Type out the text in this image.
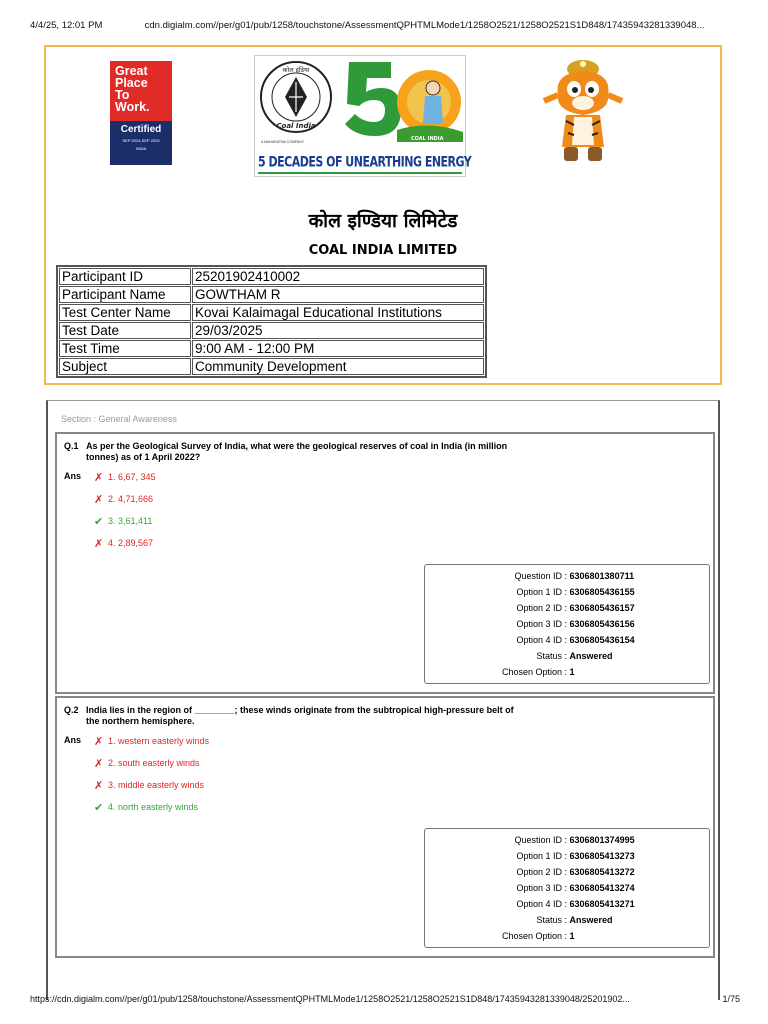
4/4/25, 12:01 PM	cdn.digialm.com//per/g01/pub/1258/touchstone/AssessmentQPHTMLMode1/1258O2521/1258O2521S1D848/17435943281339048...
Great
Place
To
Work.
Certified
SEP 2024-SEP 2025
INDIA
कोल इंडिया
Coal India
A MAHARATNA COMPANY	COAL INDIA
5 DECADES OF UNEARTHING ENERGY
कोल इण्डिया लिमिटेड
COAL INDIA LIMITED
Participant ID	25201902410002
Participant Name	GOWTHAM R
Test Center Name	Kovai Kalaimagal Educational Institutions
Test Date	29/03/2025
Test Time	9:00 AM - 12:00 PM
Subject	Community Development
Section : General Awareness
Q.1 As per the Geological Survey of India, what were the geological reserves of coal in India (in million tonnes) as of 1 April 2022?
Ans ✗ 1. 6,67, 345
✗ 2. 4,71,666
✔ 3. 3,61,411
✗ 4. 2,89,567
Question ID : 6306801380711
Option 1 ID : 6306805436155
Option 2 ID : 6306805436157
Option 3 ID : 6306805436156
Option 4 ID : 6306805436154
Status : Answered
Chosen Option : 1
Q.2 India lies in the region of ________; these winds originate from the subtropical high-pressure belt of the northern hemisphere.
Ans ✗ 1. western easterly winds
✗ 2. south easterly winds
✗ 3. middle easterly winds
✔ 4. north easterly winds
Question ID : 6306801374995
Option 1 ID : 6306805413273
Option 2 ID : 6306805413272
Option 3 ID : 6306805413274
Option 4 ID : 6306805413271
Status : Answered
Chosen Option : 1
https://cdn.digialm.com//per/g01/pub/1258/touchstone/AssessmentQPHTMLMode1/1258O2521/1258O2521S1D848/17435943281339048/25201902...	1/75
